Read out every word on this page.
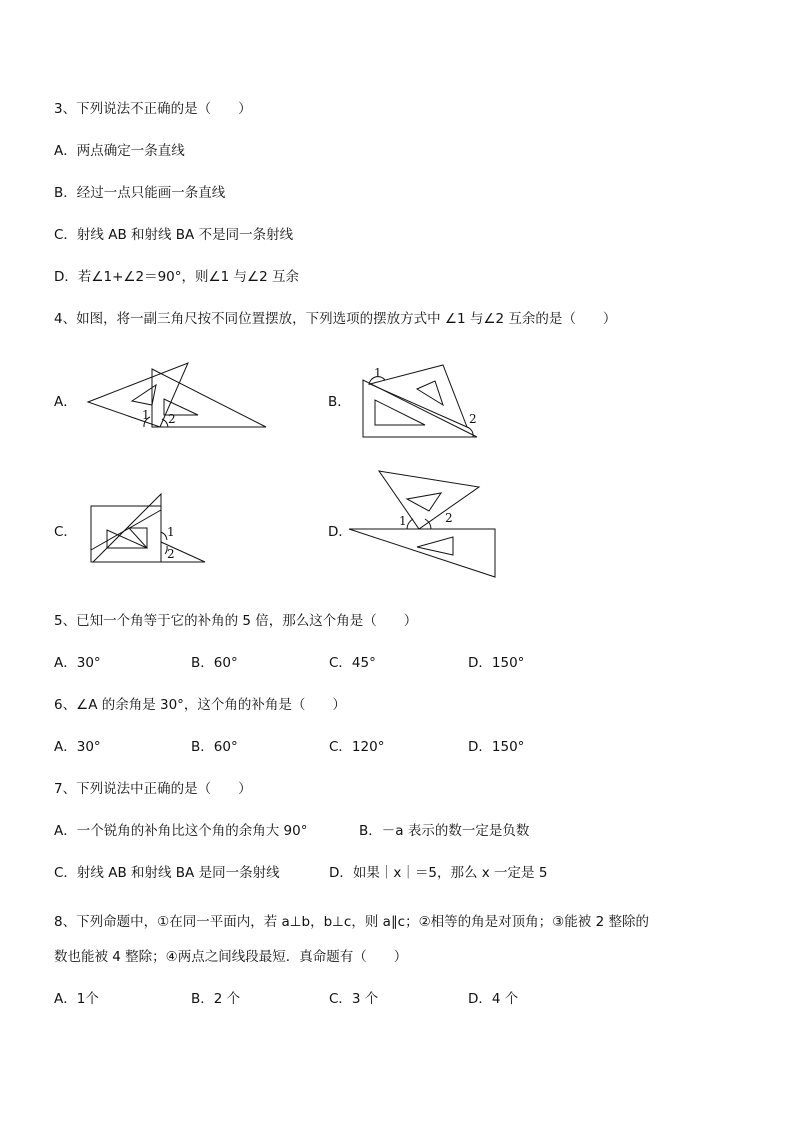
3、下列说法不正确的是（　　）
A．两点确定一条直线
B．经过一点只能画一条直线
C．射线 AB 和射线 BA 不是同一条射线
D．若∠1+∠2＝90°，则∠1 与∠2 互余
4、如图，将一副三角尺按不同位置摆放，下列选项的摆放方式中 ∠1 与∠2 互余的是（　　）
A．
1 2
B．
1
2
C．	1
2
D．
1	2
5、已知一个角等于它的补角的 5 倍，那么这个角是（　　）
A．30°	B．60°	C．45°	D．150°
6、∠A 的余角是 30°，这个角的补角是（　　）
A．30°	B．60°	C．120°	D．150°
7、下列说法中正确的是（　　）
A．一个锐角的补角比这个角的余角大 90°	B．－a 表示的数一定是负数
C．射线 AB 和射线 BA 是同一条射线	D．如果｜x｜＝5，那么 x 一定是 5
8、下列命题中，①在同一平面内，若 a⊥b，b⊥c，则 a∥c；②相等的角是对顶角；③能被 2 整除的
数也能被 4 整除；④两点之间线段最短．真命题有（　　）
A．1个	B．2 个	C．3 个	D．4 个
